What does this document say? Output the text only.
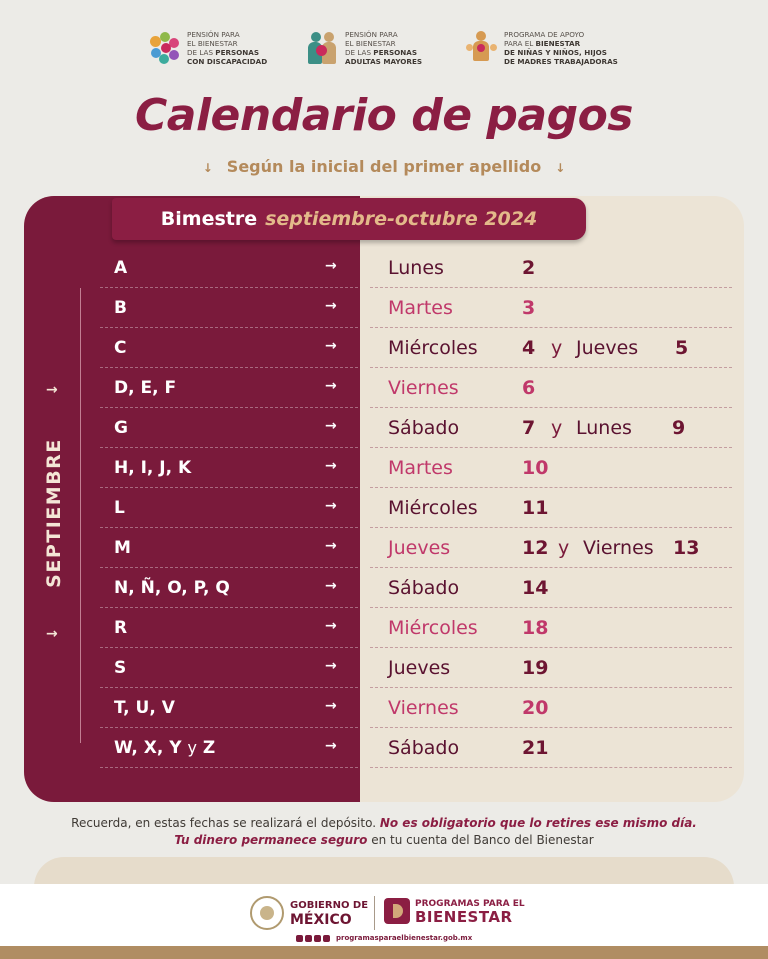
PENSIÓN PARA
EL BIENESTAR
DE LAS PERSONAS
CON DISCAPACIDAD
PENSIÓN PARA
EL BIENESTAR
DE LAS PERSONAS
ADULTAS MAYORES
PROGRAMA DE APOYO
PARA EL BIENESTAR
DE NIÑAS Y NIÑOS, HIJOS
DE MADRES TRABAJADORAS
Calendario de pagos
↓ Según la inicial del primer apellido ↓
→
SEPTIEMBRE
→
Bimestre septiembre-octubre 2024
A	→	Lunes	2
B	→	Martes	3
C	→	Miércoles 4 y Jueves 5
D, E, F	→	Viernes	6
G	→	Sábado	7 y Lunes 9
H, I, J, K	→	Martes	10
L	→	Miércoles 11
M	→	Jueves	12 y Viernes 13
N, Ñ, O, P, Q	→	Sábado	14
R	→	Miércoles 18
S	→	Jueves	19
T, U, V	→	Viernes	20
W, X, Y y Z	→	Sábado	21
Recuerda, en estas fechas se realizará el depósito. No es obligatorio que lo retires ese mismo día.
Tu dinero permanece seguro en tu cuenta del Banco del Bienestar
GOBIERNO DE
MÉXICO
PROGRAMAS PARA EL
BIENESTAR
programasparaelbienestar.gob.mx
